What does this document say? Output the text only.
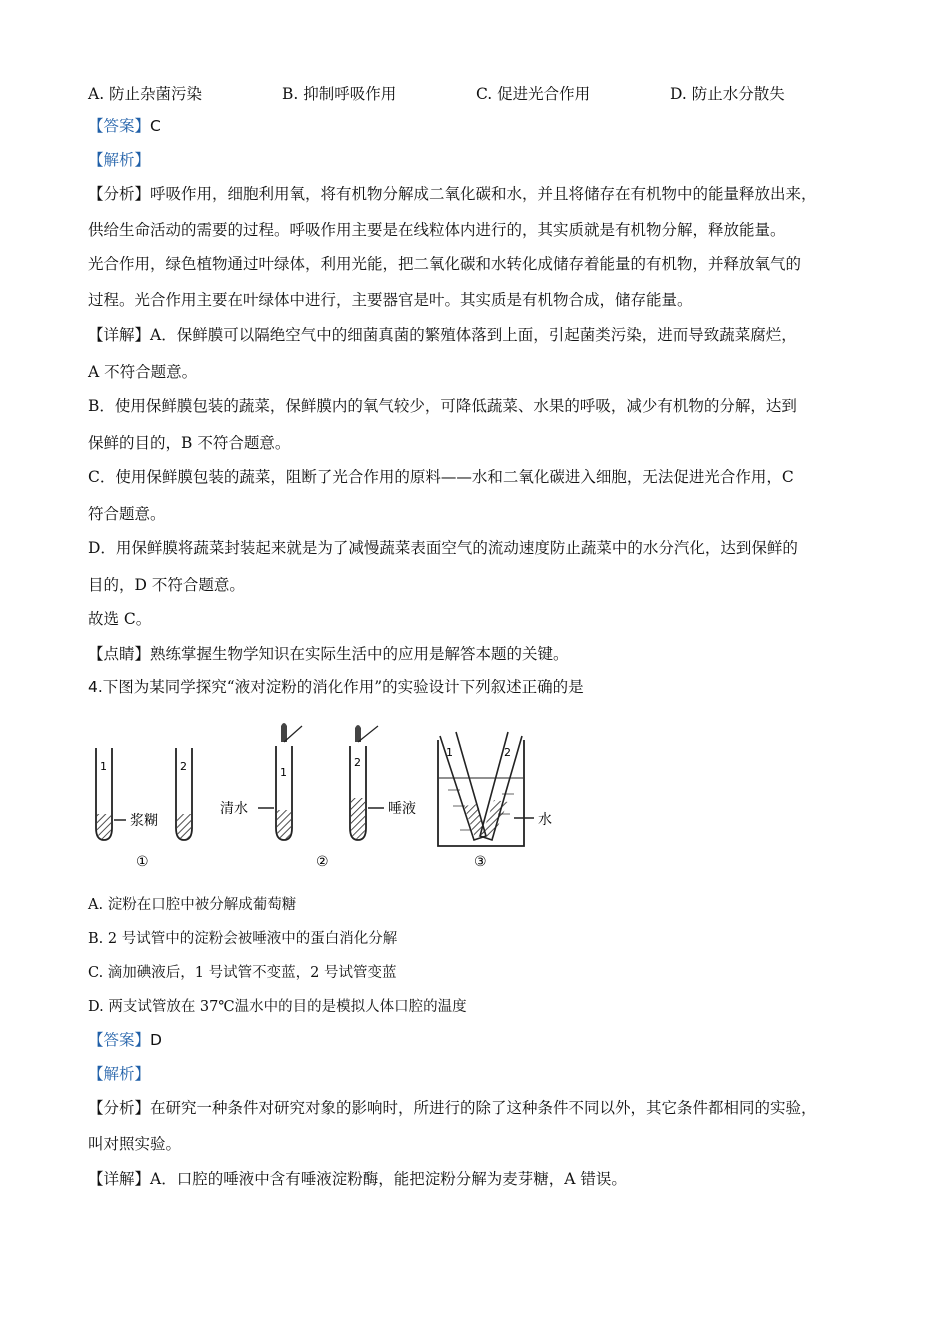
A. 防止杂菌污染	B. 抑制呼吸作用	C. 促进光合作用	D. 防止水分散失
【答案】C
【解析】
【分析】呼吸作用，细胞利用氧，将有机物分解成二氧化碳和水，并且将储存在有机物中的能量释放出来，
供给生命活动的需要的过程。呼吸作用主要是在线粒体内进行的，其实质就是有机物分解，释放能量。
光合作用，绿色植物通过叶绿体，利用光能，把二氧化碳和水转化成储存着能量的有机物，并释放氧气的
过程。光合作用主要在叶绿体中进行，主要器官是叶。其实质是有机物合成，储存能量。
【详解】A．保鲜膜可以隔绝空气中的细菌真菌的繁殖体落到上面，引起菌类污染，进而导致蔬菜腐烂，
A 不符合题意。
B．使用保鲜膜包装的蔬菜，保鲜膜内的氧气较少，可降低蔬菜、水果的呼吸，减少有机物的分解，达到
保鲜的目的，B 不符合题意。
C．使用保鲜膜包装的蔬菜，阻断了光合作用的原料——水和二氧化碳进入细胞，无法促进光合作用，C
符合题意。
D．用保鲜膜将蔬菜封装起来就是为了减慢蔬菜表面空气的流动速度防止蔬菜中的水分汽化，达到保鲜的
目的，D 不符合题意。
故选 C。
【点睛】熟练掌握生物学知识在实际生活中的应用是解答本题的关键。
4.下图为某同学探究“液对淀粉的消化作用”的实验设计下列叙述正确的是
1	2
浆糊
①
1
清水
2
唾液
②
1	2
水
③
A. 淀粉在口腔中被分解成葡萄糖
B. 2 号试管中的淀粉会被唾液中的蛋白消化分解
C. 滴加碘液后，1 号试管不变蓝，2 号试管变蓝
D. 两支试管放在 37℃温水中的目的是模拟人体口腔的温度
【答案】D
【解析】
【分析】在研究一种条件对研究对象的影响时，所进行的除了这种条件不同以外，其它条件都相同的实验，
叫对照实验。
【详解】A．口腔的唾液中含有唾液淀粉酶，能把淀粉分解为麦芽糖，A 错误。
